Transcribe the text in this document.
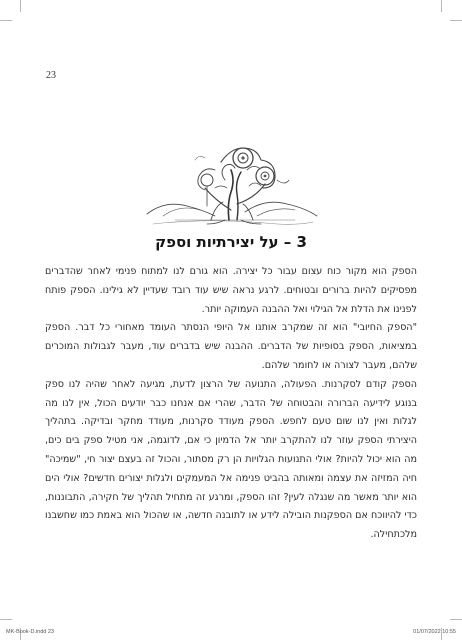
23
3 – על יצירתיות וספק

הספק הוא מקור כוח עצום עבור כל יצירה. הוא גורם לנו למתוח פנימי לאחר שהדברים מפסיקים להיות ברורים ובטוחים. לרגע נראה שיש עוד רובד שעדיין לא גילינו. הספק פותח לפנינו את הדלת אל הגילוי ואל ההבנה העמוקה יותר.

"הספק החיובי" הוא זה שמקרב אותנו אל היופי הנסתר העומד מאחורי כל דבר. הספק במציאות, הספק בסופיות של הדברים. ההבנה שיש בדברים עוד, מעבר לגבולות המוכרים שלהם, מעבר לצורה או לחומר שלהם.

הספק קודם לסקרנות. הפעולה, התנועה של הרצון לדעת, מגיעה לאחר שהיה לנו ספק בנוגע לידיעה הברורה והבטוחה של הדבר, שהרי אם אנחנו כבר יודעים הכול, אין לנו מה לגלות ואין לנו שום טעם לחפש. הספק מעודד סקרנות, מעודד מחקר ובדיקה. בתהליך היצירתי הספק עוזר לנו להתקרב יותר אל הדמיון כי אם, לדוגמה, אני מטיל ספק בים כים, מה הוא יכול להיות? אולי התנועות הגלויות הן רק מסתור, והכול זה בעצם יצור חי, "שמיכה" חיה המזיזה את עצמה ומאותה בהביט פנימה אל המעמקים ולגלות יצורים חדשים? אולי הים הוא יותר מאשר מה שנגלה לעין? זהו הספק, ומרגע זה מתחיל תהליך של חקירה, התבוננות, כדי להיווכח אם הספקנות הובילה לידע או לתובנה חדשה, או שהכול הוא באמת כמו שחשבנו מלכתחילה.

MK-Book-D.indd 23	01/07/2022 10:55
